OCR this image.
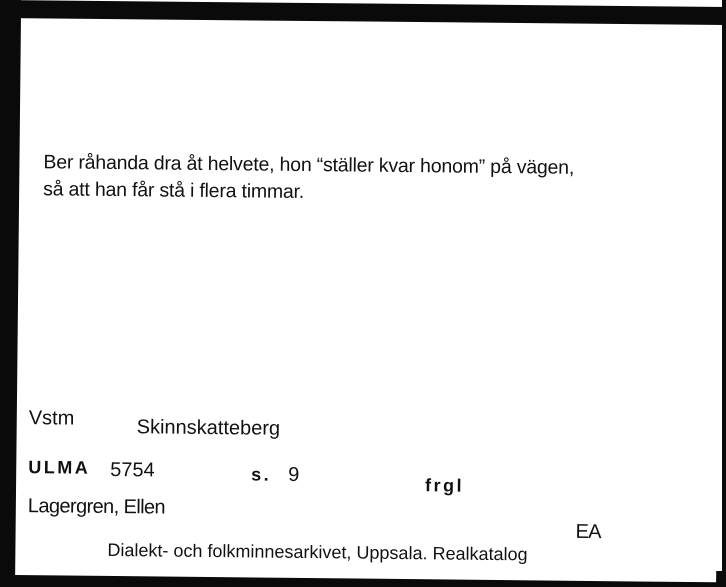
Ber råhanda dra åt helvete, hon “ställer kvar honom” på vägen,
så att han får stå i flera timmar.

Vstm	Skinnskatteberg
ULMA 5754	s. 9	frgl
Lagergren, Ellen
EA
Dialekt- och folkminnesarkivet, Uppsala. Realkatalog
